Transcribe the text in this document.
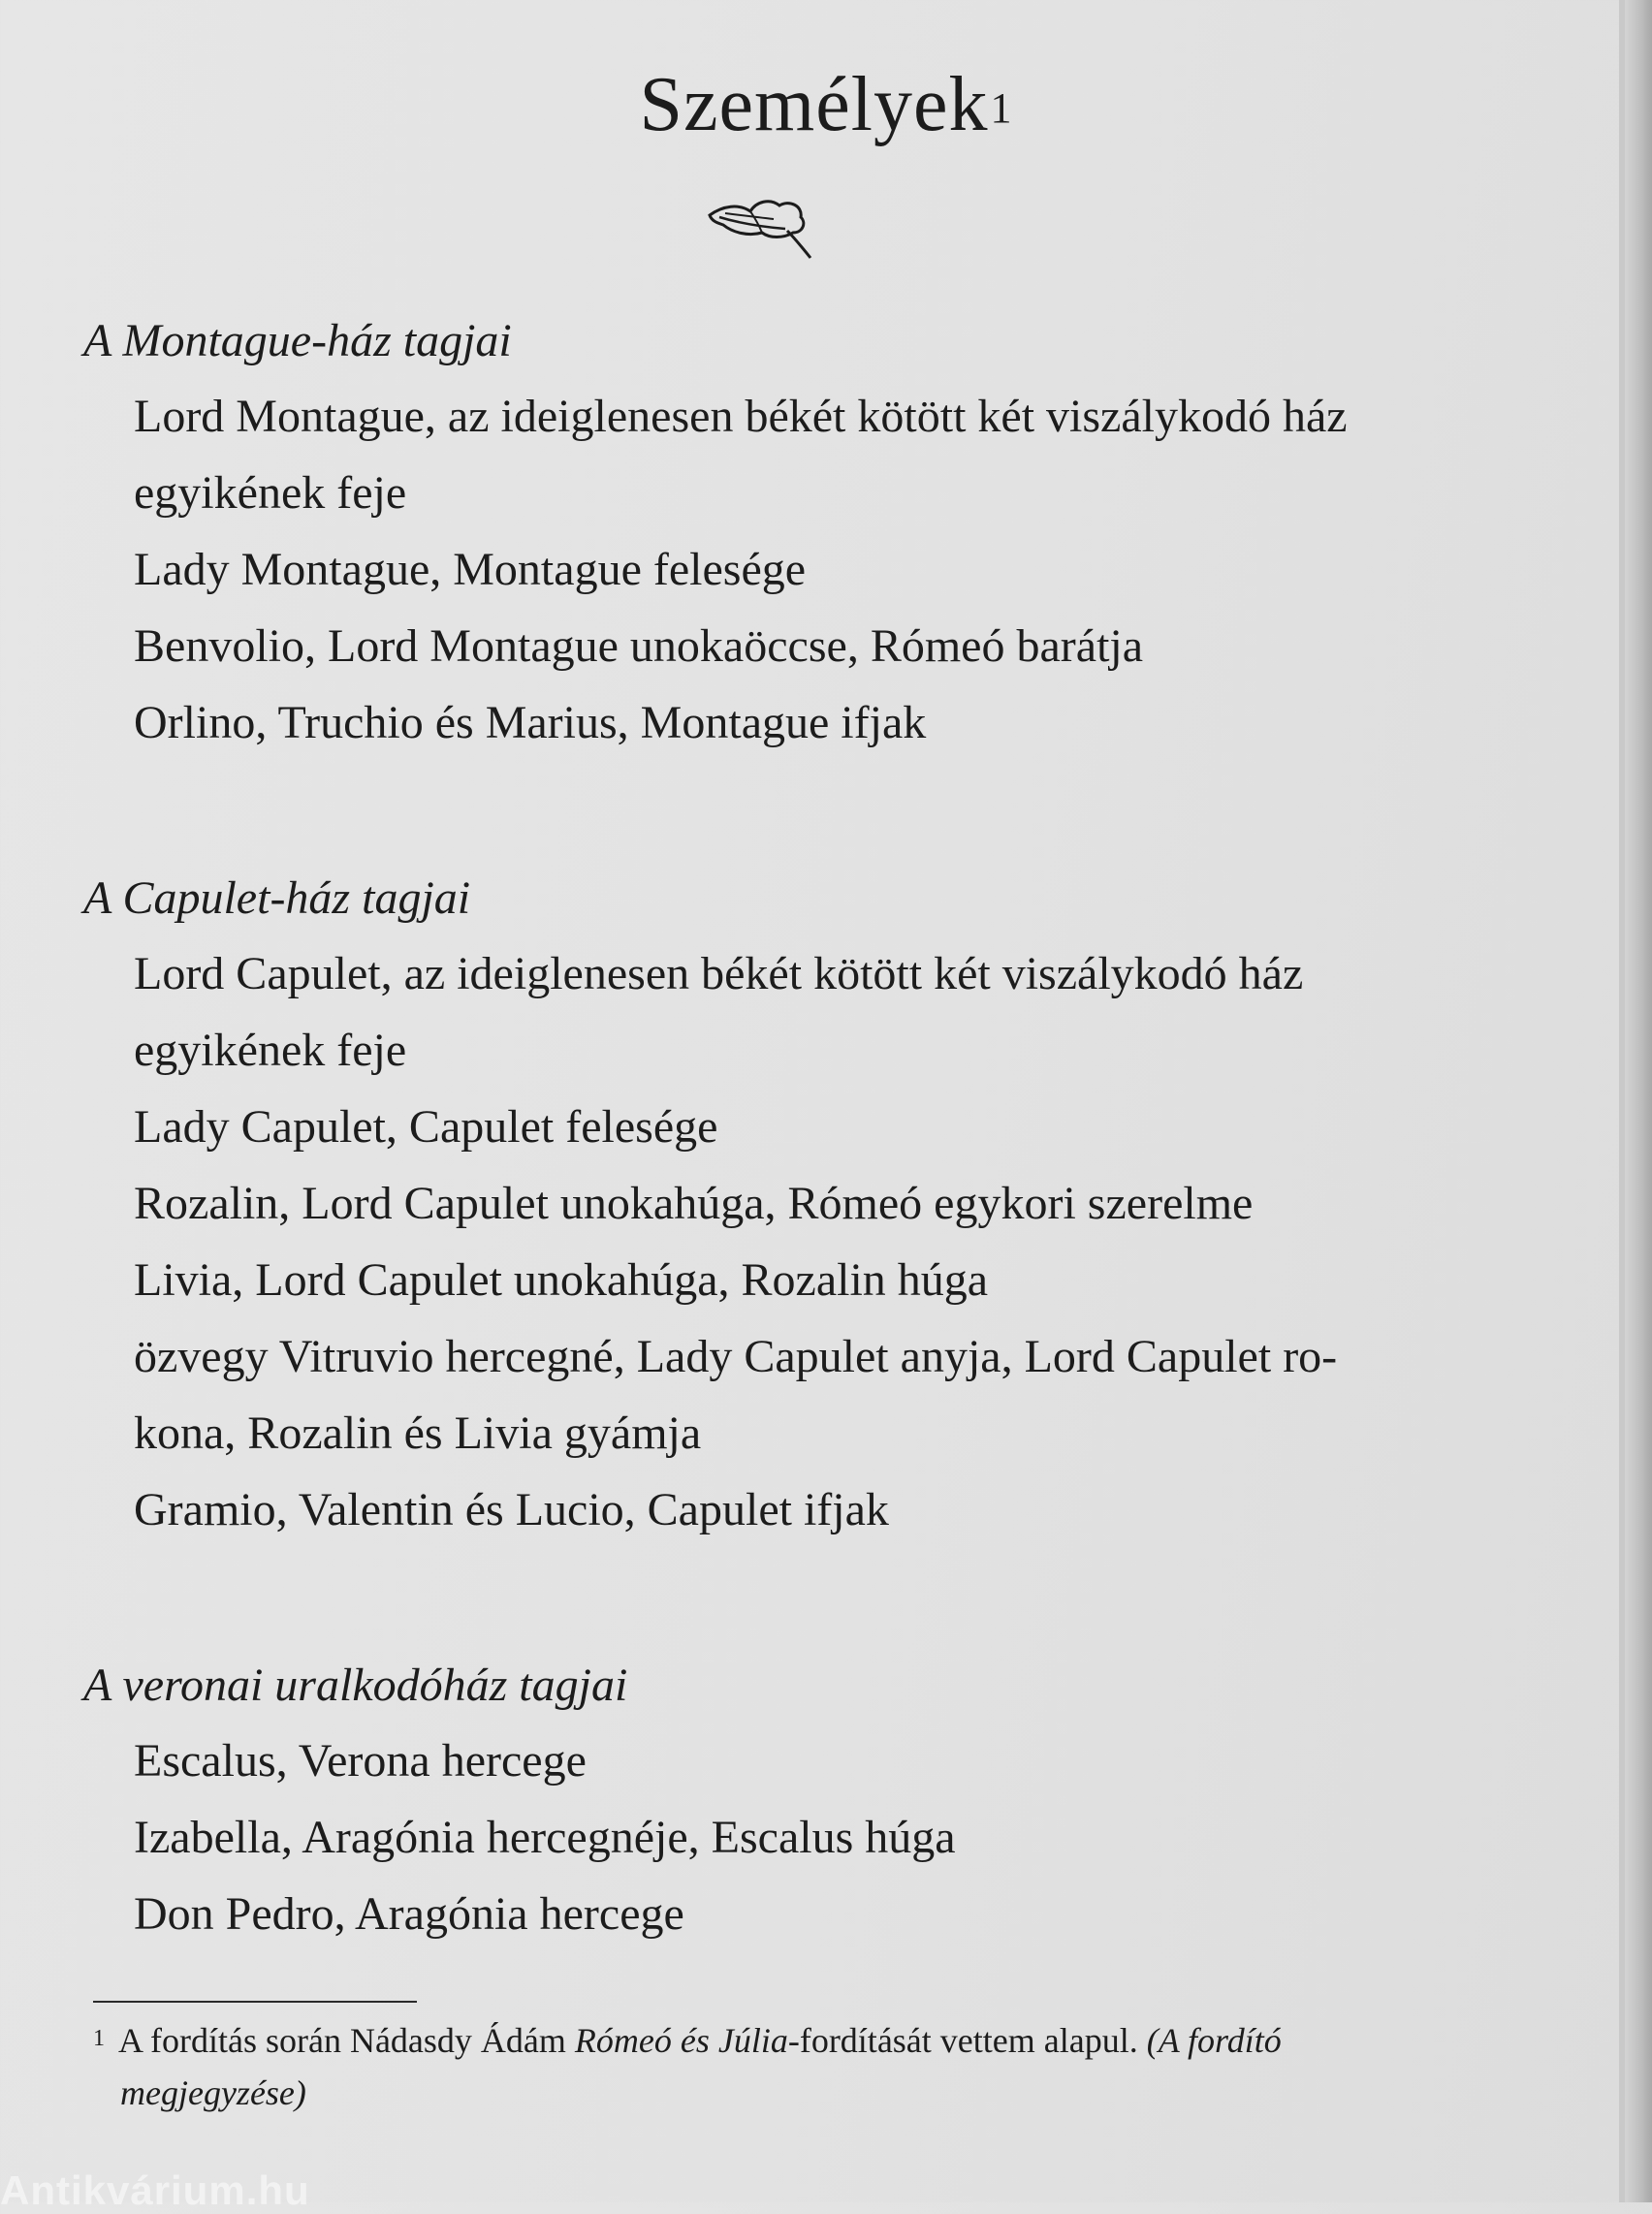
Személyek$^1$
A Montague-ház tagjai
Lord Montague, az ideiglenesen békét kötött két viszálykodó ház
egyikének feje
Lady Montague, Montague felesége
Benvolio, Lord Montague unokaöccse, Rómeó barátja
Orlino, Truchio és Marius, Montague ifjak
A Capulet-ház tagjai
Lord Capulet, az ideiglenesen békét kötött két viszálykodó ház
egyikének feje
Lady Capulet, Capulet felesége
Rozalin, Lord Capulet unokahúga, Rómeó egykori szerelme
Livia, Lord Capulet unokahúga, Rozalin húga
özvegy Vitruvio hercegné, Lady Capulet anyja, Lord Capulet ro-
kona, Rozalin és Livia gyámja
Gramio, Valentin és Lucio, Capulet ifjak
A veronai uralkodóház tagjai
Escalus, Verona hercege
Izabella, Aragónia hercegnéje, Escalus húga
Don Pedro, Aragónia hercege
$^1$ A fordítás során Nádasdy Ádám Rómeó és Júlia-fordítását vettem alapul. (A fordító
megjegyzése)
Antikvárium.hu
